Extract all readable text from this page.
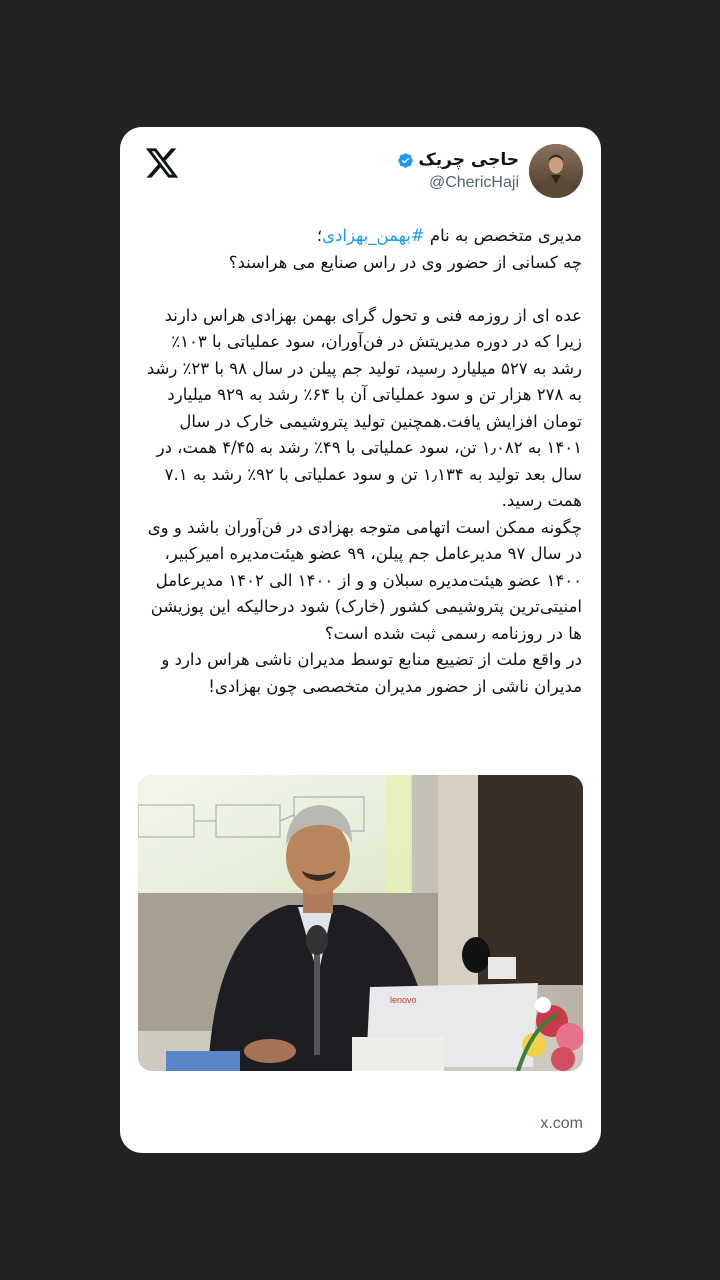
حاجی چریک
@ChericHaji

مدیری متخصص به نام #بهمن_بهزادی؛

چه کسانی از حضور وی در راس صنایع می هراسند؟

عده ای از روزمه فنی و تحول گرای بهمن بهزادی هراس دارند زیرا که در دوره مدیریتش در فن‌آوران، سود عملیاتی با ۱۰۳٪ رشد به ۵۲۷ میلیارد رسید، تولید جم پیلن در سال ۹۸ با ۲۳٪ رشد به ۲۷۸ هزار تن و سود عملیاتی آن با ۶۴٪ رشد به ۹۲۹ میلیارد تومان افزایش یافت.همچنین تولید پتروشیمی خارک در سال ۱۴۰۱ به ۱٫۰۸۲ تن، سود عملیاتی با ۴۹٪ رشد به ۴/۴۵ همت، در سال بعد تولید به ۱٫۱۳۴ تن و سود عملیاتی با ۹۲٪ رشد به ۷.۱ همت رسید.

چگونه ممکن است اتهامی متوجه بهزادی در فن‌آوران باشد و وی در سال ۹۷ مدیرعامل جم پیلن، ۹۹ عضو هیئت‌مدیره امیرکبیر، ۱۴۰۰ عضو هیئت‌مدیره سبلان و و از ۱۴۰۰ الی ۱۴۰۲ مدیرعامل امنیتی‌ترین پتروشیمی کشور (خارک) شود درحالیکه این پوزیشن ها در روزنامه رسمی ثبت شده است؟

در واقع ملت از تضییع منابع توسط مدیران ناشی هراس دارد و مدیران ناشی از حضور مدیران متخصصی چون بهزادی!

lenovo
x.com
